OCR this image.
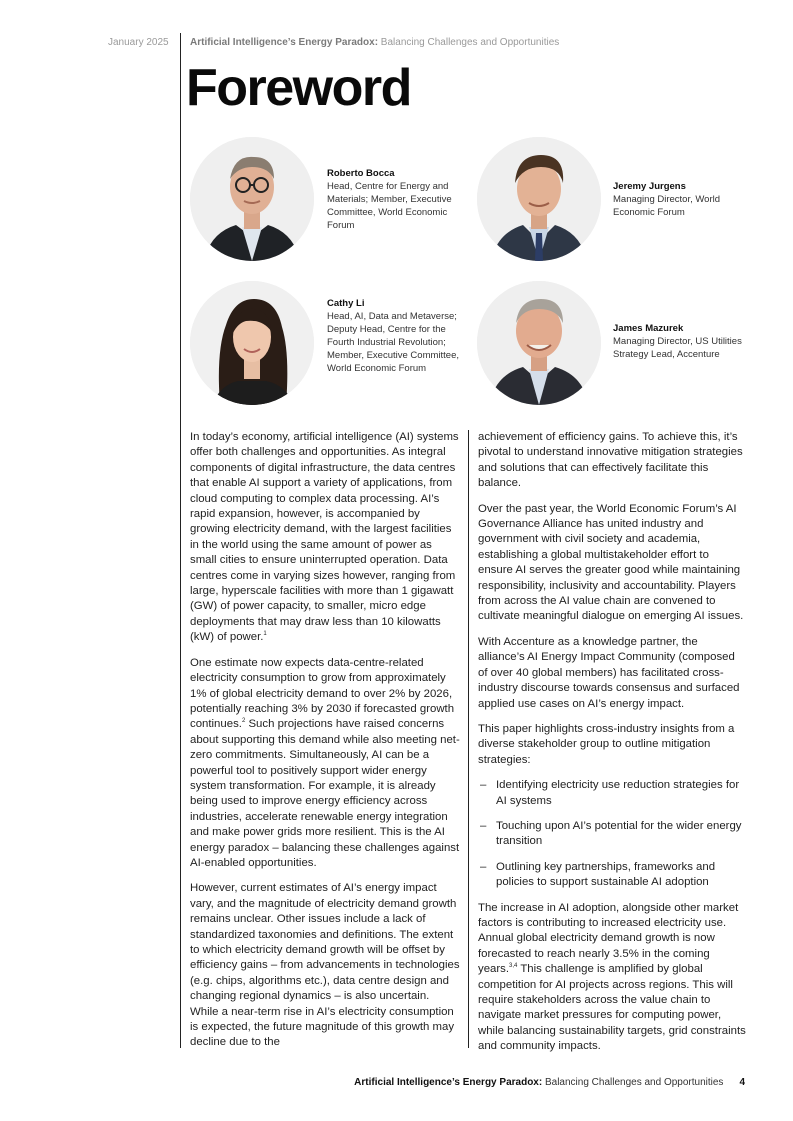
January 2025 Artificial Intelligence’s Energy Paradox: Balancing Challenges and Opportunities
Foreword
Roberto Bocca
Head, Centre for Energy and Materials; Member, Executive Committee, World Economic Forum
Jeremy Jurgens
Managing Director, World Economic Forum
Cathy Li
Head, AI, Data and Metaverse; Deputy Head, Centre for the Fourth Industrial Revolution; Member, Executive Committee, World Economic Forum
James Mazurek
Managing Director, US Utilities Strategy Lead, Accenture

In today’s economy, artificial intelligence (AI) systems offer both challenges and opportunities. As integral components of digital infrastructure, the data centres that enable AI support a variety of applications, from cloud computing to complex data processing. AI’s rapid expansion, however, is accompanied by growing electricity demand, with the largest facilities in the world using the same amount of power as small cities to ensure uninterrupted operation. Data centres come in varying sizes however, ranging from large, hyperscale facilities with more than 1 gigawatt (GW) of power capacity, to smaller, micro edge deployments that may draw less than 10 kilowatts (kW) of power.$^1$

One estimate now expects data-centre-related electricity consumption to grow from approximately 1% of global electricity demand to over 2% by 2026, potentially reaching 3% by 2030 if forecasted growth continues.$^2$ Such projections have raised concerns about supporting this demand while also meeting net-zero commitments. Simultaneously, AI can be a powerful tool to positively support wider energy system transformation. For example, it is already being used to improve energy efficiency across industries, accelerate renewable energy integration and make power grids more resilient. This is the AI energy paradox – balancing these challenges against AI-enabled opportunities.

However, current estimates of AI’s energy impact vary, and the magnitude of electricity demand growth remains unclear. Other issues include a lack of standardized taxonomies and definitions. The extent to which electricity demand growth will be offset by efficiency gains – from advancements in technologies (e.g. chips, algorithms etc.), data centre design and changing regional dynamics – is also uncertain. While a near-term rise in AI’s electricity consumption is expected, the future magnitude of this growth may decline due to the

achievement of efficiency gains. To achieve this, it’s pivotal to understand innovative mitigation strategies and solutions that can effectively facilitate this balance.

Over the past year, the World Economic Forum’s AI Governance Alliance has united industry and government with civil society and academia, establishing a global multistakeholder effort to ensure AI serves the greater good while maintaining responsibility, inclusivity and accountability. Players from across the AI value chain are convened to cultivate meaningful dialogue on emerging AI issues.

With Accenture as a knowledge partner, the alliance’s AI Energy Impact Community (composed of over 40 global members) has facilitated cross-industry discourse towards consensus and surfaced applied use cases on AI’s energy impact.

This paper highlights cross-industry insights from a diverse stakeholder group to outline mitigation strategies:

– Identifying electricity use reduction strategies for AI systems
– Touching upon AI’s potential for the wider energy transition
– Outlining key partnerships, frameworks and policies to support sustainable AI adoption

The increase in AI adoption, alongside other market factors is contributing to increased electricity use. Annual global electricity demand growth is now forecasted to reach nearly 3.5% in the coming years.$^{3,4}$ This challenge is amplified by global competition for AI projects across regions. This will require stakeholders across the value chain to navigate market pressures for computing power, while balancing sustainability targets, grid constraints and community impacts.

Artificial Intelligence’s Energy Paradox: Balancing Challenges and Opportunities 4
